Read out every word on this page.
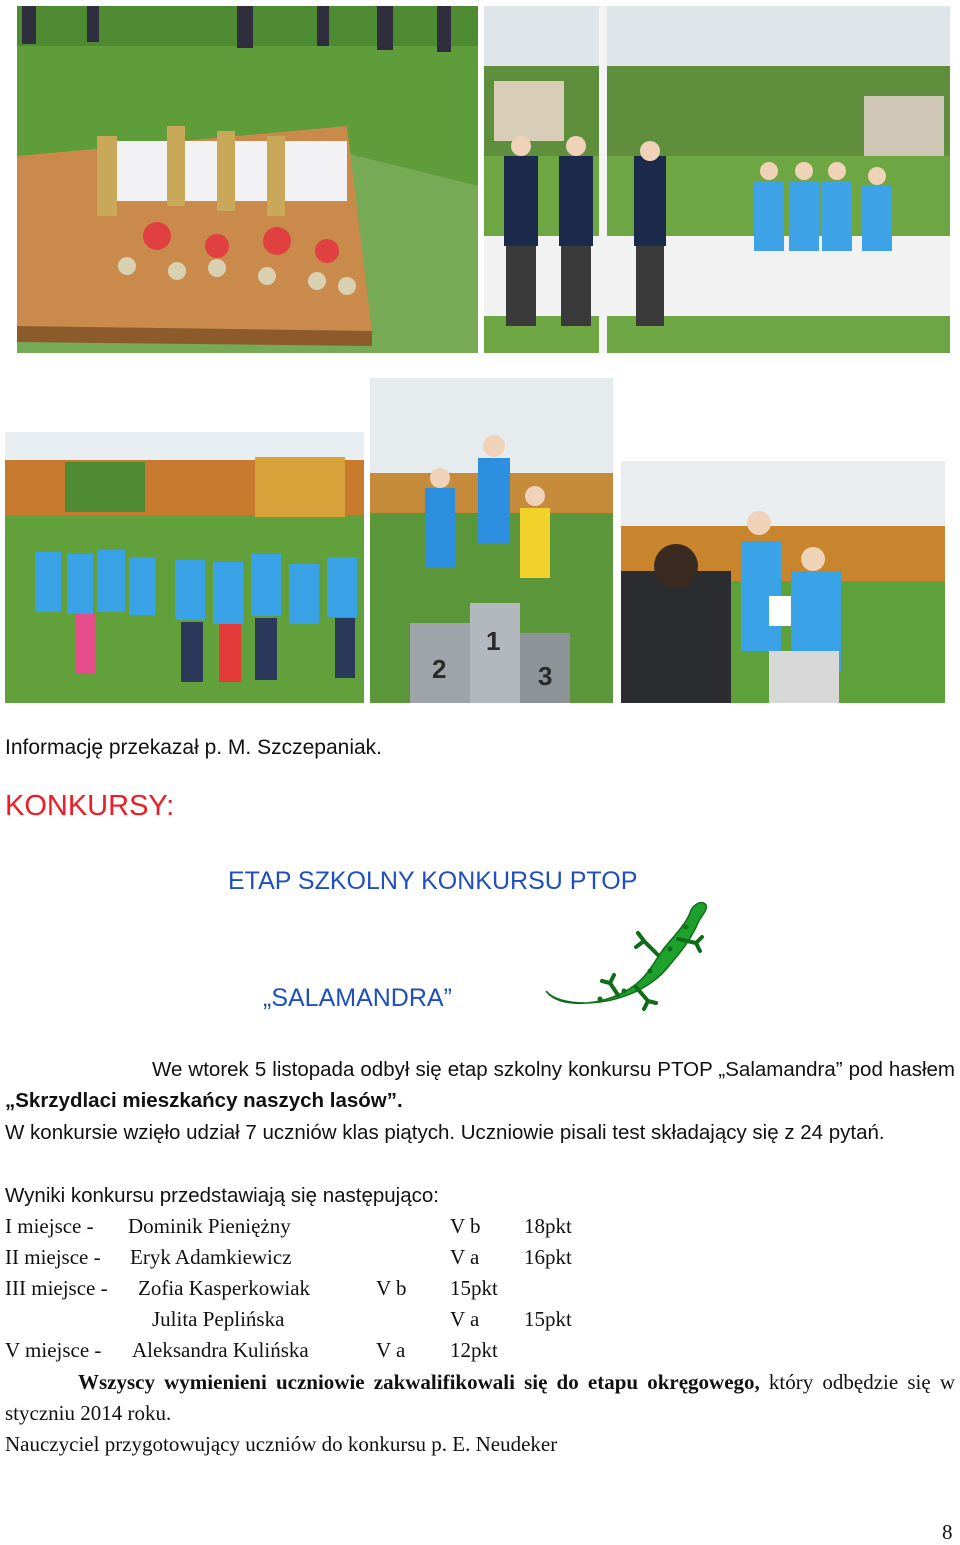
2
1
3
Informację przekazał p. M. Szczepaniak.
KONKURSY:
ETAP SZKOLNY KONKURSU PTOP
„SALAMANDRA”
We wtorek 5 listopada odbył się etap szkolny konkursu PTOP „Salamandra” pod hasłem „Skrzydlaci mieszkańcy naszych lasów”.
W konkursie wzięło udział 7 uczniów klas piątych. Uczniowie pisali test składający się z 24 pytań.
Wyniki konkursu przedstawiają się następująco:
I miejsce - Dominik Pieniężny	V b 18pkt
II miejsce - Eryk Adamkiewicz	V a 16pkt
III miejsce - Zofia Kasperkowiak	V b 15pkt
Julita Peplińska	V a 15pkt
V miejsce - Aleksandra Kulińska	V a 12pkt
Wszyscy wymienieni uczniowie zakwalifikowali się do etapu okręgowego, który odbędzie się w styczniu 2014 roku.
Nauczyciel przygotowujący uczniów do konkursu p. E. Neudeker
8
